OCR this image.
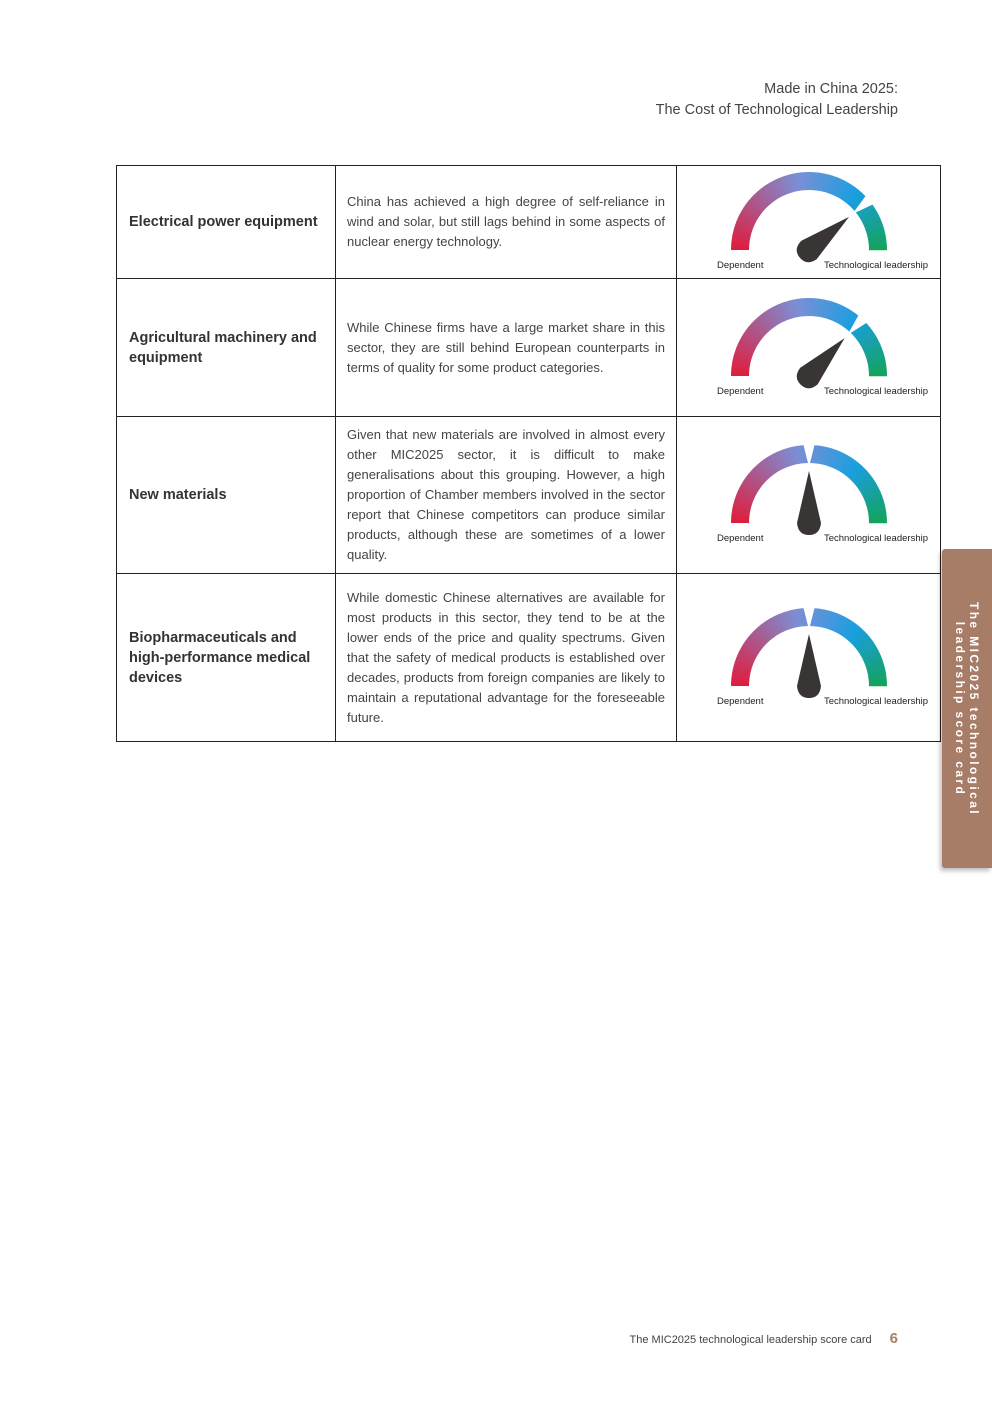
Made in China 2025:
The Cost of Technological Leadership
Electrical power equipment	China has achieved a high degree of self-reliance in wind and solar, but still lags behind in some aspects of nuclear energy technology.	Dependent Technological leadership

Agricultural machinery and equipment	While Chinese firms have a large market share in this sector, they are still behind European counterparts in terms of quality for some product categories.	Dependent Technological leadership

New materials	Given that new materials are involved in almost every other MIC2025 sector, it is difficult to make generalisations about this grouping. However, a high proportion of Chamber members involved in the sector report that Chinese competitors can produce similar products, although these are sometimes of a lower quality.	Dependent Technological leadership

Biopharmaceuticals and high-performance medical devices	While domestic Chinese alternatives are available for most products in this sector, they tend to be at the lower ends of the price and quality spectrums. Given that the safety of medical products is established over decades, products from foreign companies are likely to maintain a reputational advantage for the foreseeable future.	Dependent Technological leadership	The MIC2025 technological leadership score card
The MIC2025 technological leadership score card 6
